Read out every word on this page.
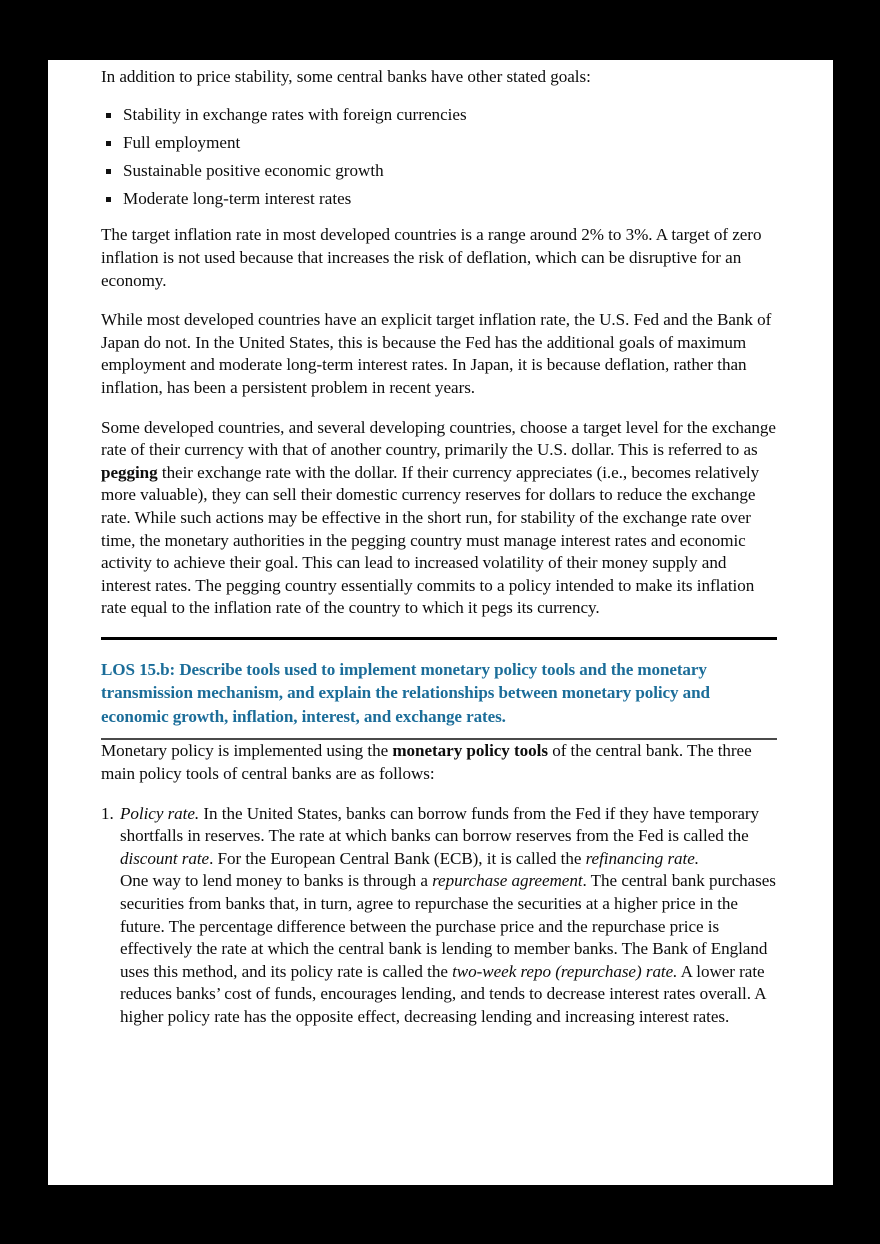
In addition to price stability, some central banks have other stated goals:

Stability in exchange rates with foreign currencies
Full employment
Sustainable positive economic growth
Moderate long-term interest rates

The target inflation rate in most developed countries is a range around 2% to 3%. A target of zero inflation is not used because that increases the risk of deflation, which can be disruptive for an economy.

While most developed countries have an explicit target inflation rate, the U.S. Fed and the Bank of Japan do not. In the United States, this is because the Fed has the additional goals of maximum employment and moderate long-term interest rates. In Japan, it is because deflation, rather than inflation, has been a persistent problem in recent years.

Some developed countries, and several developing countries, choose a target level for the exchange rate of their currency with that of another country, primarily the U.S. dollar. This is referred to as pegging their exchange rate with the dollar. If their currency appreciates (i.e., becomes relatively more valuable), they can sell their domestic currency reserves for dollars to reduce the exchange rate. While such actions may be effective in the short run, for stability of the exchange rate over time, the monetary authorities in the pegging country must manage interest rates and economic activity to achieve their goal. This can lead to increased volatility of their money supply and interest rates. The pegging country essentially commits to a policy intended to make its inflation rate equal to the inflation rate of the country to which it pegs its currency.

LOS 15.b: Describe tools used to implement monetary policy tools and the monetary transmission mechanism, and explain the relationships between monetary policy and economic growth, inflation, interest, and exchange rates.

Monetary policy is implemented using the monetary policy tools of the central bank. The three main policy tools of central banks are as follows:

Policy rate. In the United States, banks can borrow funds from the Fed if they have temporary shortfalls in reserves. The rate at which banks can borrow reserves from the Fed is called the discount rate. For the European Central Bank (ECB), it is called the refinancing rate.

One way to lend money to banks is through a repurchase agreement. The central bank purchases securities from banks that, in turn, agree to repurchase the securities at a higher price in the future. The percentage difference between the purchase price and the repurchase price is effectively the rate at which the central bank is lending to member banks. The Bank of England uses this method, and its policy rate is called the two-week repo (repurchase) rate. A lower rate reduces banks’ cost of funds, encourages lending, and tends to decrease interest rates overall. A higher policy rate has the opposite effect, decreasing lending and increasing interest rates.
